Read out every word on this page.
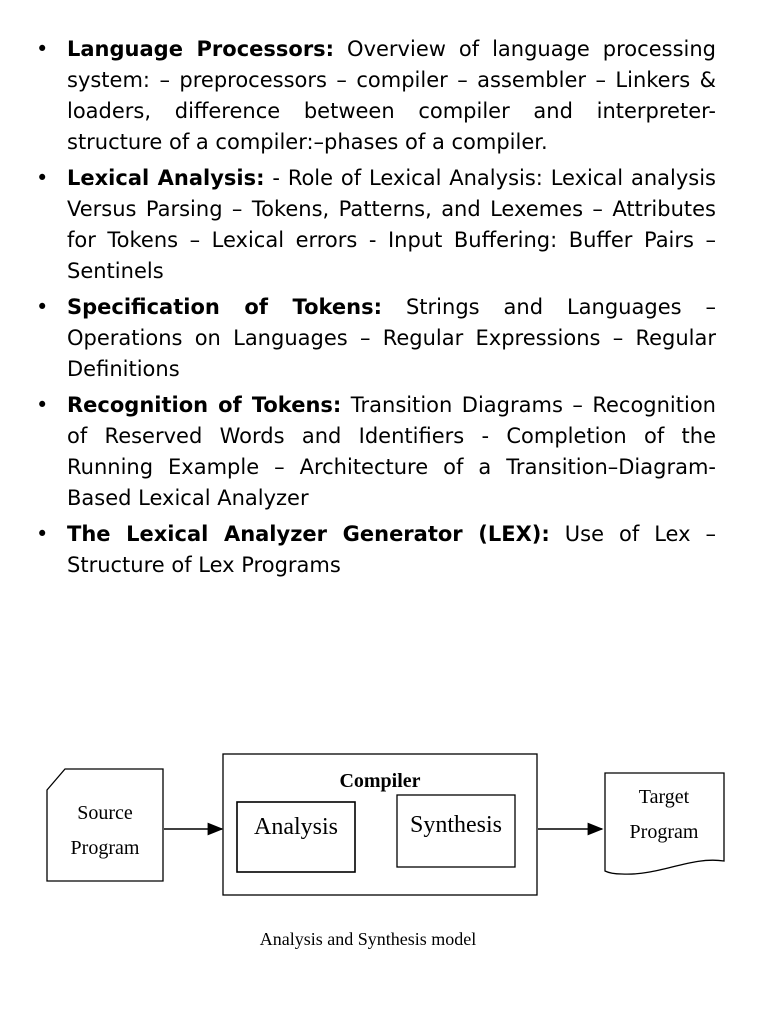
• Language Processors: Overview of language processing system: – preprocessors – compiler – assembler – Linkers & loaders, difference between compiler and interpreter- structure of a compiler:–phases of a compiler.
• Lexical Analysis: - Role of Lexical Analysis: Lexical analysis Versus Parsing – Tokens, Patterns, and Lexemes – Attributes for Tokens – Lexical errors - Input Buffering: Buffer Pairs – Sentinels
• Specification of Tokens: Strings and Languages – Operations on Languages – Regular Expressions – Regular Definitions
• Recognition of Tokens: Transition Diagrams – Recognition of Reserved Words and Identifiers - Completion of the Running Example – Architecture of a Transition–Diagram-Based Lexical Analyzer
• The Lexical Analyzer Generator (LEX): Use of Lex – Structure of Lex Programs
Source
Program
Compiler
Analysis	Synthesis
Target
Program
Analysis and Synthesis model
